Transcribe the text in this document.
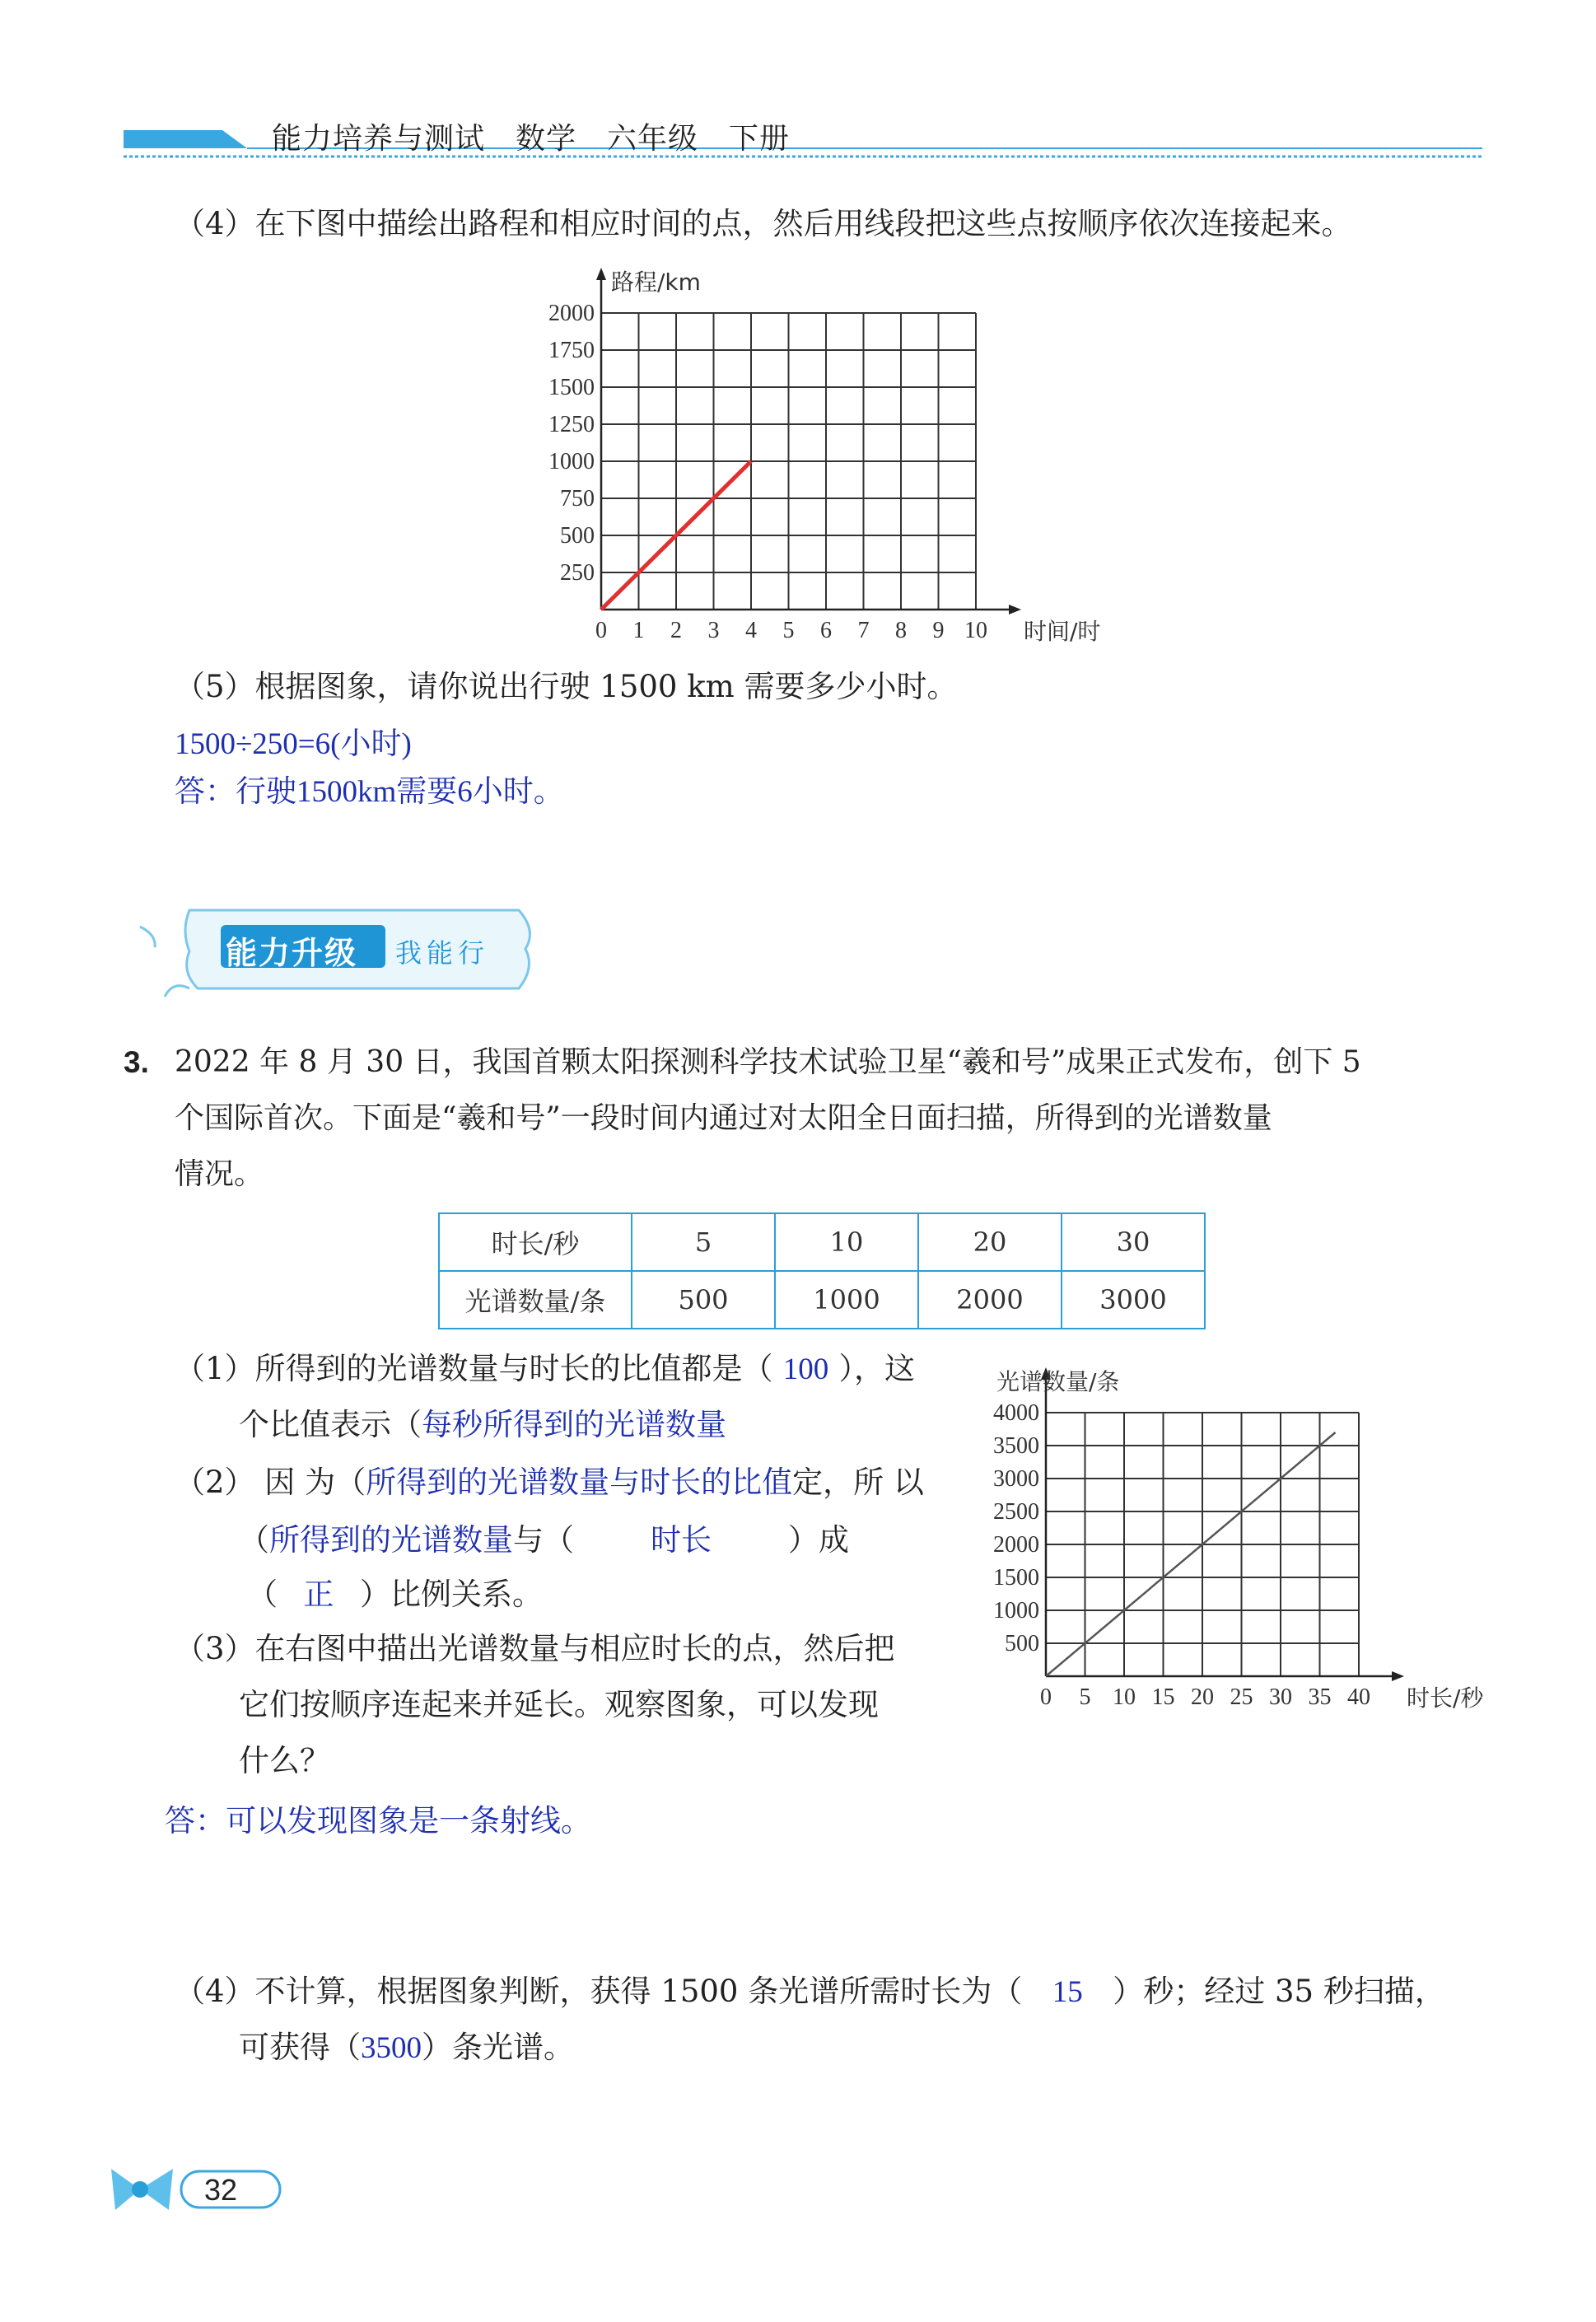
能力培养与测试　数学　六年级　下册
（4）在下图中描绘出路程和相应时间的点，然后用线段把这些点按顺序依次连接起来。
0 1 2 3 4 5 6 7 8 9 10
250
500
750
1000
1250
1500
1750
2000
时间/时
路程/km
（5）根据图象，请你说出行驶 1500 km 需要多少小时。
1500÷250=6(小时)
答：行驶1500km需要6小时。
能力升级 我能行
3. 2022 年 8 月 30 日，我国首颗太阳探测科学技术试验卫星“羲和号”成果正式发布，创下 5
个国际首次。下面是“羲和号”一段时间内通过对太阳全日面扫描，所得到的光谱数量
情况。
时长/秒	5	10	20	30
光谱数量/条	500	1000	2000	3000
（1）所得到的光谱数量与时长的比值都是（ 100 ），这
个比值表示（每秒所得到的光谱数量
（2） 因 为（所得到的光谱数量与时长的比值定，所 以
（所得到的光谱数量与（	时长	）成
（ 正 ）比例关系。
（3）在右图中描出光谱数量与相应时长的点，然后把
它们按顺序连起来并延长。观察图象，可以发现
什么？
答：可以发现图象是一条射线。
0 5 10 15 20 25 30 35 40
500
1000
1500
2000
2500
3000
3500
4000
时长/秒
光谱数量/条
（4）不计算，根据图象判断，获得 1500 条光谱所需时长为（ 15 ）秒；经过 35 秒扫描，
可获得（3500）条光谱。
32
